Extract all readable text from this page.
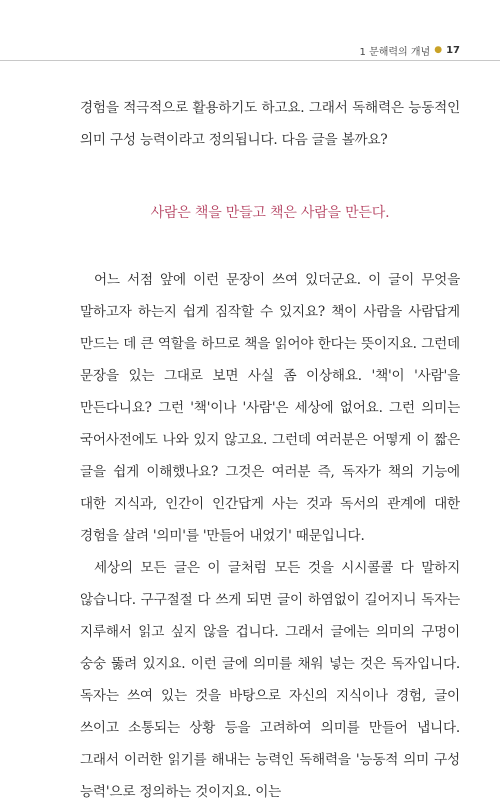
1 문해력의 개념 ● 17

경험을 적극적으로 활용하기도 하고요. 그래서 독해력은 능동적인 의미 구성 능력이라고 정의됩니다. 다음 글을 볼까요?

사람은 책을 만들고 책은 사람을 만든다.

어느 서점 앞에 이런 문장이 쓰여 있더군요. 이 글이 무엇을 말하고자 하는지 쉽게 짐작할 수 있지요? 책이 사람을 사람답게 만드는 데 큰 역할을 하므로 책을 읽어야 한다는 뜻이지요. 그런데 문장을 있는 그대로 보면 사실 좀 이상해요. '책'이 '사람'을 만든다니요? 그런 '책'이나 '사람'은 세상에 없어요. 그런 의미는 국어사전에도 나와 있지 않고요. 그런데 여러분은 어떻게 이 짧은 글을 쉽게 이해했나요? 그것은 여러분 즉, 독자가 책의 기능에 대한 지식과, 인간이 인간답게 사는 것과 독서의 관계에 대한 경험을 살려 '의미'를 '만들어 내었기' 때문입니다.

세상의 모든 글은 이 글처럼 모든 것을 시시콜콜 다 말하지 않습니다. 구구절절 다 쓰게 되면 글이 하염없이 길어지니 독자는 지루해서 읽고 싶지 않을 겁니다. 그래서 글에는 의미의 구멍이 숭숭 뚫려 있지요. 이런 글에 의미를 채워 넣는 것은 독자입니다. 독자는 쓰여 있는 것을 바탕으로 자신의 지식이나 경험, 글이 쓰이고 소통되는 상황 등을 고려하여 의미를 만들어 냅니다. 그래서 이러한 읽기를 해내는 능력인 독해력을 '능동적 의미 구성 능력'으로 정의하는 것이지요. 이는
